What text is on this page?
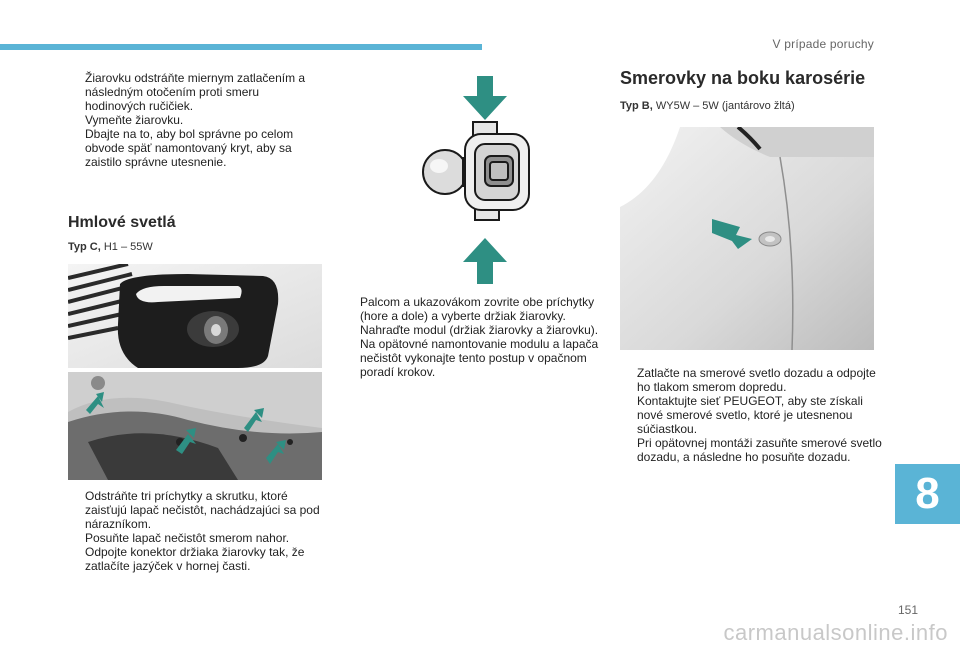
V prípade poruchy
Žiarovku odstráňte miernym zatlačením a následným otočením proti smeru hodinových ručičiek.
Vymeňte žiarovku.
Dbajte na to, aby bol správne po celom obvode späť namontovaný kryt, aby sa zaistilo správne utesnenie.
Hmlové svetlá
Typ C, H1 – 55W
Odstráňte tri príchytky a skrutku, ktoré zaisťujú lapač nečistôt, nachádzajúci sa pod nárazníkom.
Posuňte lapač nečistôt smerom nahor.
Odpojte konektor držiaka žiarovky tak, že zatlačíte jazýček v hornej časti.
Palcom a ukazovákom zovrite obe príchytky (hore a dole) a vyberte držiak žiarovky.
Nahraďte modul (držiak žiarovky a žiarovku).
Na opätovné namontovanie modulu a lapača nečistôt vykonajte tento postup v opačnom poradí krokov.
Smerovky na boku karosérie
Typ B, WY5W – 5W (jantárovo žltá)
Zatlačte na smerové svetlo dozadu a odpojte ho tlakom smerom dopredu.
Kontaktujte sieť PEUGEOT, aby ste získali nové smerové svetlo, ktoré je utesnenou súčiastkou.
Pri opätovnej montáži zasuňte smerové svetlo dozadu, a následne ho posuňte dozadu.
8
151
carmanualsonline.info
